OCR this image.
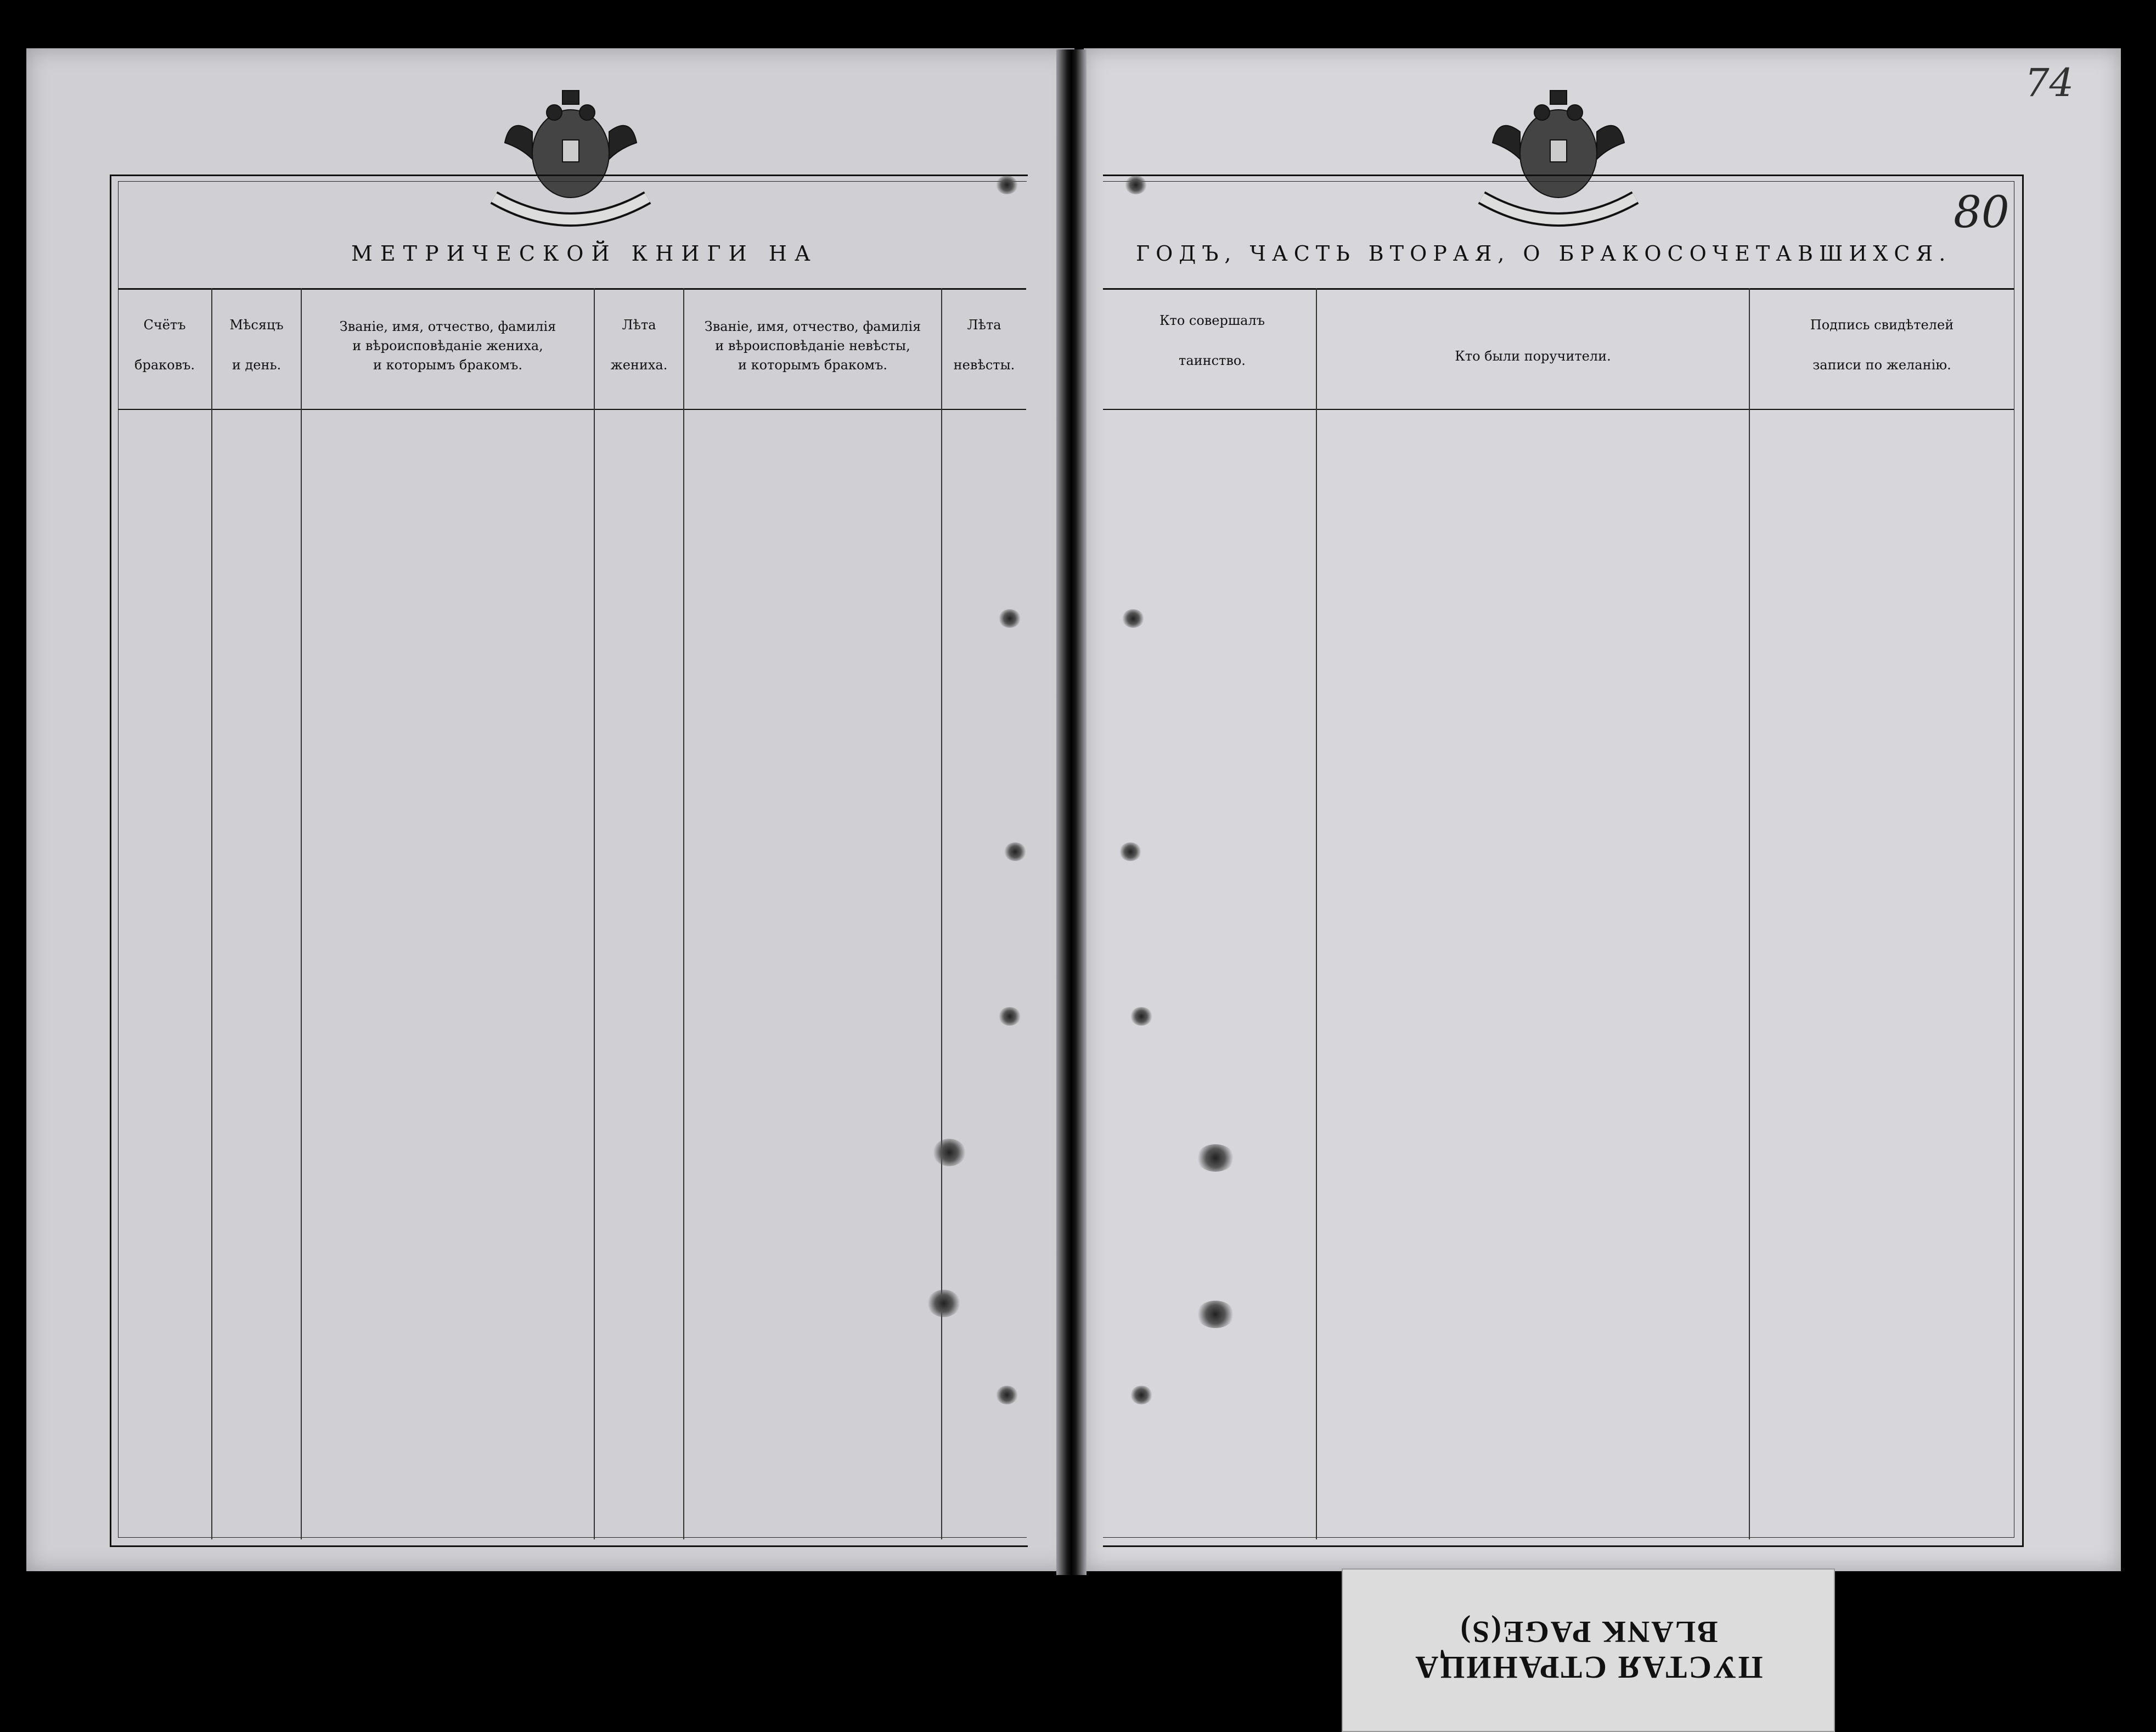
МЕТРИЧЕСКОЙ КНИГИ НА	ГОДЪ, ЧАСТЬ ВТОРАЯ, О БРАКОСОЧЕТАВШИХСЯ.
Счётъ
браковъ.
Мѣсяцъ
и день.
Званіе, имя, отчество, фамилія
и вѣроисповѣданіе жениха,
и которымъ бракомъ.
Лѣта
жениха.
Званіе, имя, отчество, фамилія
и вѣроисповѣданіе невѣсты,
и которымъ бракомъ.
Лѣта
невѣсты.
Кто совершалъ
таинство.	Кто были поручители.
Подпись свидѣтелей
записи по желанію.
74
80
ПУСТАЯ СТРАНИЦА
BLANK PAGE(S)
